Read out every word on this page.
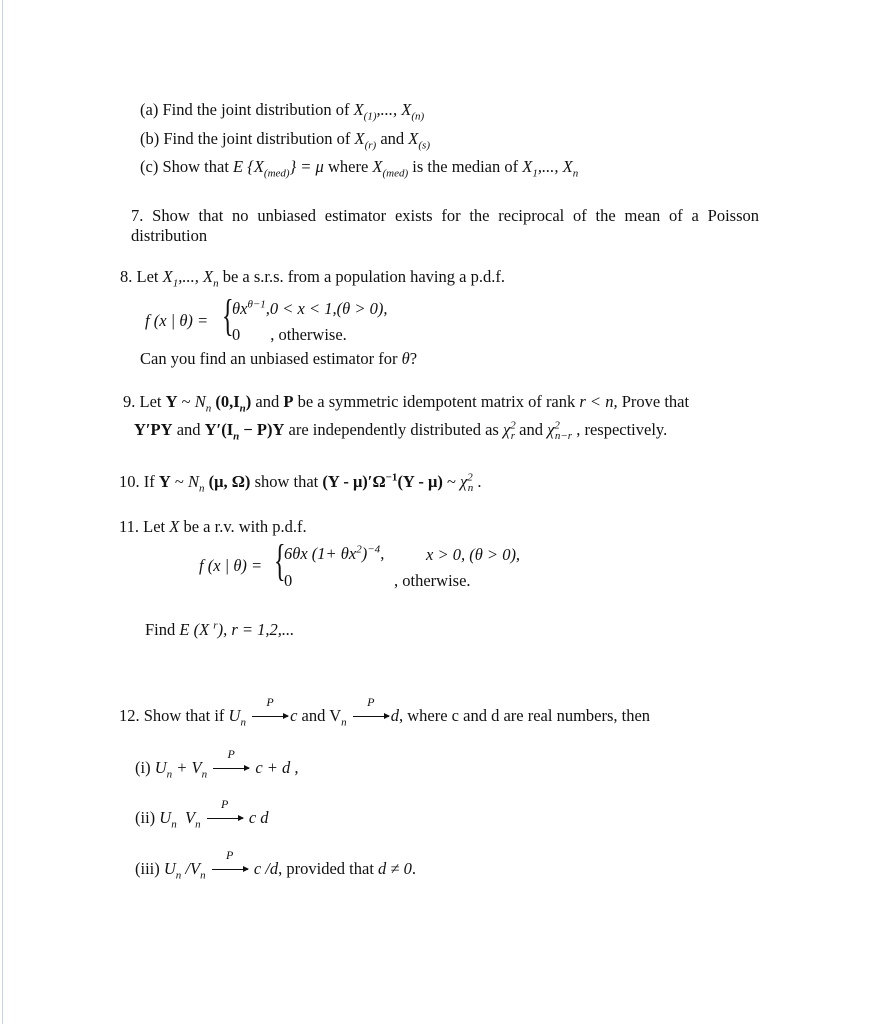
(a) Find the joint distribution of $X_{(1)}$,..., $X_{(n)}$
(b) Find the joint distribution of $X_{(r)}$ and $X_{(s)}$
(c) Show that E $\{X_{(med)}\} = \mu$ where $X_{(med)}$ is the median of $X_1$,..., $X_n$
7. Show that no unbiased estimator exists for the reciprocal of the mean of a Poisson
distribution
8. Let $X_1$,..., $X_n$ be a s.r.s. from a population having a p.d.f.
f (x | θ) = {
$\theta x^{\theta-1},0 < x < 1,(\theta > 0)$,
0 , otherwise.
Can you find an unbiased estimator for θ?
9. Let Y ~ $N_n$ $(0,I_n)$ and P be a symmetric idempotent matrix of rank r < n, Prove that
Y′PY and $Y'(I_n - P)Y$ are independently distributed as $\chi^2_r$ and $\chi^2_{n-r}$ , respectively.
10. If Y ~ $N_n$ (μ, Ω) show that $(Y - \mu)'\Omega^{-1}(Y - \mu)$ ~ $\chi^2_n$ .
11. Let X be a r.v. with p.d.f.
f (x | θ) = {
6θx $(1+ \theta x^2)^{-4}$,	x > 0, (θ > 0),
0	, otherwise.
Find E (X $^r$), r = 1,2,...
12. Show that if $U_n$
P
c and $V_n$
P
d, where c and d are real numbers, then
(i) $U_n + V_n$
P
c + d ,
(ii) $U_n$  $V_n$
P
c d
(iii) $U_n$ $/V_n$
P
c /d, provided that d ≠ 0.
